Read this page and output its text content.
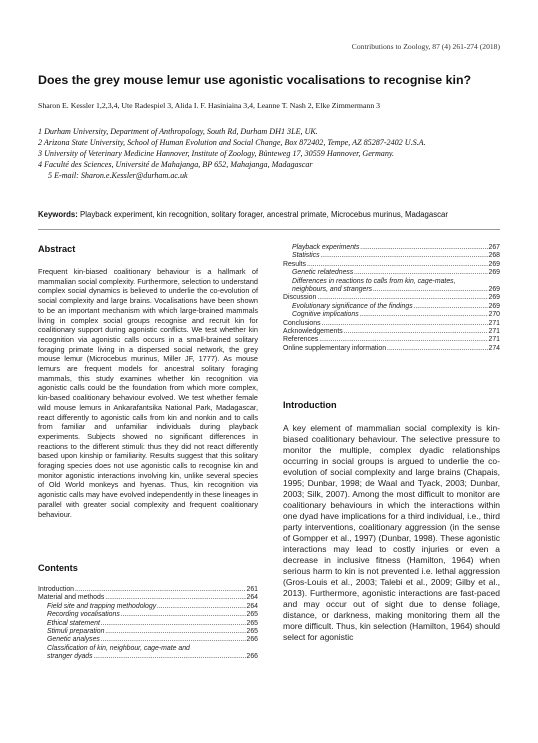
Contributions to Zoology, 87 (4) 261-274 (2018)
Does the grey mouse lemur use agonistic vocalisations to recognise kin?
Sharon E. Kessler 1,2,3,4, Ute Radespiel 3, Alida I. F. Hasiniaina 3,4, Leanne T. Nash 2, Elke Zimmermann 3

1 Durham University, Department of Anthropology, South Rd, Durham DH1 3LE, UK.

2 Arizona State University, School of Human Evolution and Social Change, Box 872402, Tempe, AZ 85287-2402 U.S.A.

3 University of Veterinary Medicine Hannover, Institute of Zoology, Bünteweg 17, 30559 Hannover, Germany.

4 Faculté des Sciences, Université de Mahajanga, BP 652, Mahajanga, Madagascar

5 E-mail: Sharon.e.Kessler@durham.ac.uk

Keywords: Playback experiment, kin recognition, solitary forager, ancestral primate, Microcebus murinus, Madagascar
Abstract
Frequent kin-biased coalitionary behaviour is a hallmark of mammalian social complexity. Furthermore, selection to understand complex social dynamics is believed to underlie the co-evolution of social complexity and large brains. Vocalisations have been shown to be an important mechanism with which large-brained mammals living in complex social groups recognise and recruit kin for coalitionary support during agonistic conflicts. We test whether kin recognition via agonistic calls occurs in a small-brained solitary foraging primate living in a dispersed social network, the grey mouse lemur (Microcebus murinus, Miller JF, 1777). As mouse lemurs are frequent models for ancestral solitary foraging mammals, this study examines whether kin recognition via agonistic calls could be the foundation from which more complex, kin-based coalitionary behaviour evolved. We test whether female wild mouse lemurs in Ankarafantsika National Park, Madagascar, react differently to agonistic calls from kin and nonkin and to calls from familiar and unfamiliar individuals during playback experiments. Subjects showed no significant differences in reactions to the different stimuli: thus they did not react differently based upon kinship or familiarity. Results suggest that this solitary foraging species does not use agonistic calls to recognise kin and monitor agonistic interactions involving kin, unlike several species of Old World monkeys and hyenas. Thus, kin recognition via agonistic calls may have evolved independently in these lineages in parallel with greater social complexity and frequent coalitionary behaviour.
Contents
Introduction .....	261
Material and methods .....	264
Field site and trapping methodology .....	264
Recording vocalisations .....	265
Ethical statement .....	265
Stimuli preparation .....	265
Genetic analyses .....	266
Classification of kin, neighbour, cage-mate and
stranger dyads .....	266
Playback experiments .....	267
Statistics .....	268
Results .....	269
Genetic relatedness .....	269
Differences in reactions to calls from kin, cage-mates,
neighbours, and strangers .....	269
Discussion .....	269
Evolutionary significance of the findings .....	269
Cognitive implications .....	270
Conclusions .....	271
Acknowledgements .....	271
References .....	271
Online supplementary information .....	274
Introduction
A key element of mammalian social complexity is kin-biased coalitionary behaviour. The selective pressure to monitor the multiple, complex dyadic relationships occurring in social groups is argued to underlie the co-evolution of social complexity and large brains (Chapais, 1995; Dunbar, 1998; de Waal and Tyack, 2003; Dunbar, 2003; Silk, 2007). Among the most difficult to monitor are coalitionary behaviours in which the interactions within one dyad have implications for a third individual, i.e., third party interventions, coalitionary aggression (in the sense of Gompper et al., 1997) (Dunbar, 1998). These agonistic interactions may lead to costly injuries or even a decrease in inclusive fitness (Hamilton, 1964) when serious harm to kin is not prevented i.e. lethal aggression (Gros-Louis et al., 2003; Talebi et al., 2009; Gilby et al., 2013). Furthermore, agonistic interactions are fast-paced and may occur out of sight due to dense foliage, distance, or darkness, making monitoring them all the more difficult. Thus, kin selection (Hamilton, 1964) should select for agonistic
